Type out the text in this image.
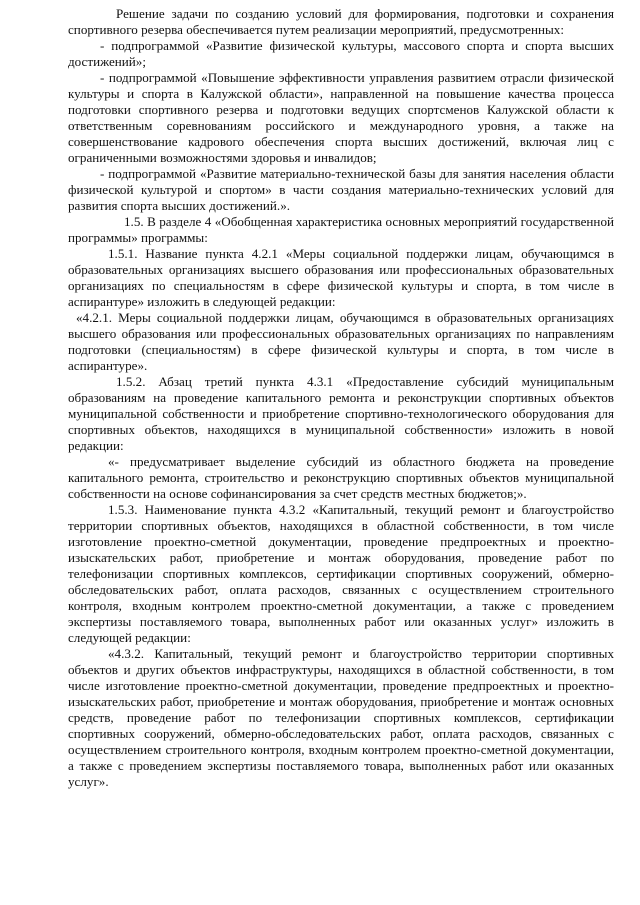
Решение задачи по созданию условий для формирования, подготовки и сохранения спортивного резерва обеспечивается путем реализации мероприятий, предусмотренных:

- подпрограммой «Развитие физической культуры, массового спорта и спорта высших достижений»;

- подпрограммой «Повышение эффективности управления развитием отрасли физической культуры и спорта в Калужской области», направленной на повышение качества процесса подготовки спортивного резерва и подготовки ведущих спортсменов Калужской области к ответственным соревнованиям российского и международного уровня, а также на совершенствование кадрового обеспечения спорта высших достижений, включая лиц с ограниченными возможностями здоровья и инвалидов;

- подпрограммой «Развитие материально-технической базы для занятия населения области физической культурой и спортом» в части создания материально-технических условий для развития спорта высших достижений.».

1.5. В разделе 4 «Обобщенная характеристика основных мероприятий государственной программы» программы:

1.5.1. Название пункта 4.2.1 «Меры социальной поддержки лицам, обучающимся в образовательных организациях высшего образования или профессиональных образовательных организациях по специальностям в сфере физической культуры и спорта, в том числе в аспирантуре» изложить в следующей редакции:

«4.2.1. Меры социальной поддержки лицам, обучающимся в образовательных организациях высшего образования или профессиональных образовательных организациях по направлениям подготовки (специальностям) в сфере физической культуры и спорта, в том числе в аспирантуре».

1.5.2. Абзац третий пункта 4.3.1 «Предоставление субсидий муниципальным образованиям на проведение капитального ремонта и реконструкции спортивных объектов муниципальной собственности и приобретение спортивно-технологического оборудования для спортивных объектов, находящихся в муниципальной собственности» изложить в новой редакции:

«- предусматривает выделение субсидий из областного бюджета на проведение капитального ремонта, строительство и реконструкцию спортивных объектов муниципальной собственности на основе софинансирования за счет средств местных бюджетов;».

1.5.3. Наименование пункта 4.3.2 «Капитальный, текущий ремонт и благоустройство территории спортивных объектов, находящихся в областной собственности, в том числе изготовление проектно-сметной документации, проведение предпроектных и проектно-изыскательских работ, приобретение и монтаж оборудования, проведение работ по телефонизации спортивных комплексов, сертификации спортивных сооружений, обмерно-обследовательских работ, оплата расходов, связанных с осуществлением строительного контроля, входным контролем проектно-сметной документации, а также с проведением экспертизы поставляемого товара, выполненных работ или оказанных услуг» изложить в следующей редакции:

«4.3.2. Капитальный, текущий ремонт и благоустройство территории спортивных объектов и других объектов инфраструктуры, находящихся в областной собственности, в том числе изготовление проектно-сметной документации, проведение предпроектных и проектно-изыскательских работ, приобретение и монтаж оборудования, приобретение и монтаж основных средств, проведение работ по телефонизации спортивных комплексов, сертификации спортивных сооружений, обмерно-обследовательских работ, оплата расходов, связанных с осуществлением строительного контроля, входным контролем проектно-сметной документации, а также с проведением экспертизы поставляемого товара, выполненных работ или оказанных услуг».
